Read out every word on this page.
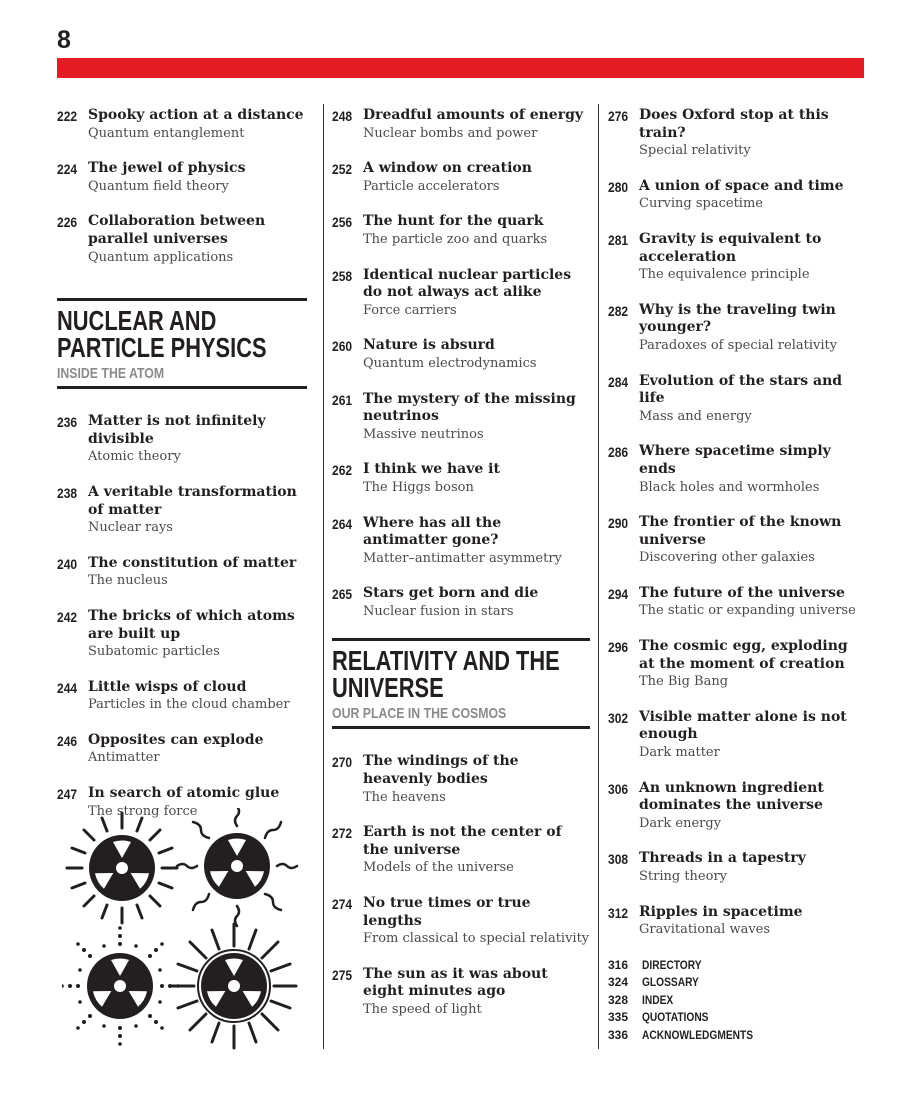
8
222 Spooky action at a distance
Quantum entanglement
224 The jewel of physics
Quantum field theory
226 Collaboration between parallel universes
Quantum applications
NUCLEAR AND PARTICLE PHYSICS
INSIDE THE ATOM
236 Matter is not infinitely divisible
Atomic theory
238 A veritable transformation of matter
Nuclear rays
240 The constitution of matter
The nucleus
242 The bricks of which atoms are built up
Subatomic particles
244 Little wisps of cloud
Particles in the cloud chamber
246 Opposites can explode
Antimatter
247 In search of atomic glue
The strong force
248 Dreadful amounts of energy
Nuclear bombs and power
252 A window on creation
Particle accelerators
256 The hunt for the quark
The particle zoo and quarks
258 Identical nuclear particles do not always act alike
Force carriers
260 Nature is absurd
Quantum electrodynamics
261 The mystery of the missing neutrinos
Massive neutrinos
262 I think we have it
The Higgs boson
264 Where has all the antimatter gone?
Matter–antimatter asymmetry
265 Stars get born and die
Nuclear fusion in stars
RELATIVITY AND THE UNIVERSE
OUR PLACE IN THE COSMOS
270 The windings of the heavenly bodies
The heavens
272 Earth is not the center of the universe
Models of the universe
274 No true times or true lengths
From classical to special relativity
275 The sun as it was about eight minutes ago
The speed of light
276 Does Oxford stop at this train?
Special relativity
280 A union of space and time
Curving spacetime
281 Gravity is equivalent to acceleration
The equivalence principle
282 Why is the traveling twin younger?
Paradoxes of special relativity
284 Evolution of the stars and life
Mass and energy
286 Where spacetime simply ends
Black holes and wormholes
290 The frontier of the known universe
Discovering other galaxies
294 The future of the universe
The static or expanding universe
296 The cosmic egg, exploding at the moment of creation
The Big Bang
302 Visible matter alone is not enough
Dark matter
306 An unknown ingredient dominates the universe
Dark energy
308 Threads in a tapestry
String theory
312 Ripples in spacetime
Gravitational waves
316	DIRECTORY
324	GLOSSARY
328	INDEX
335	QUOTATIONS
336	ACKNOWLEDGMENTS
